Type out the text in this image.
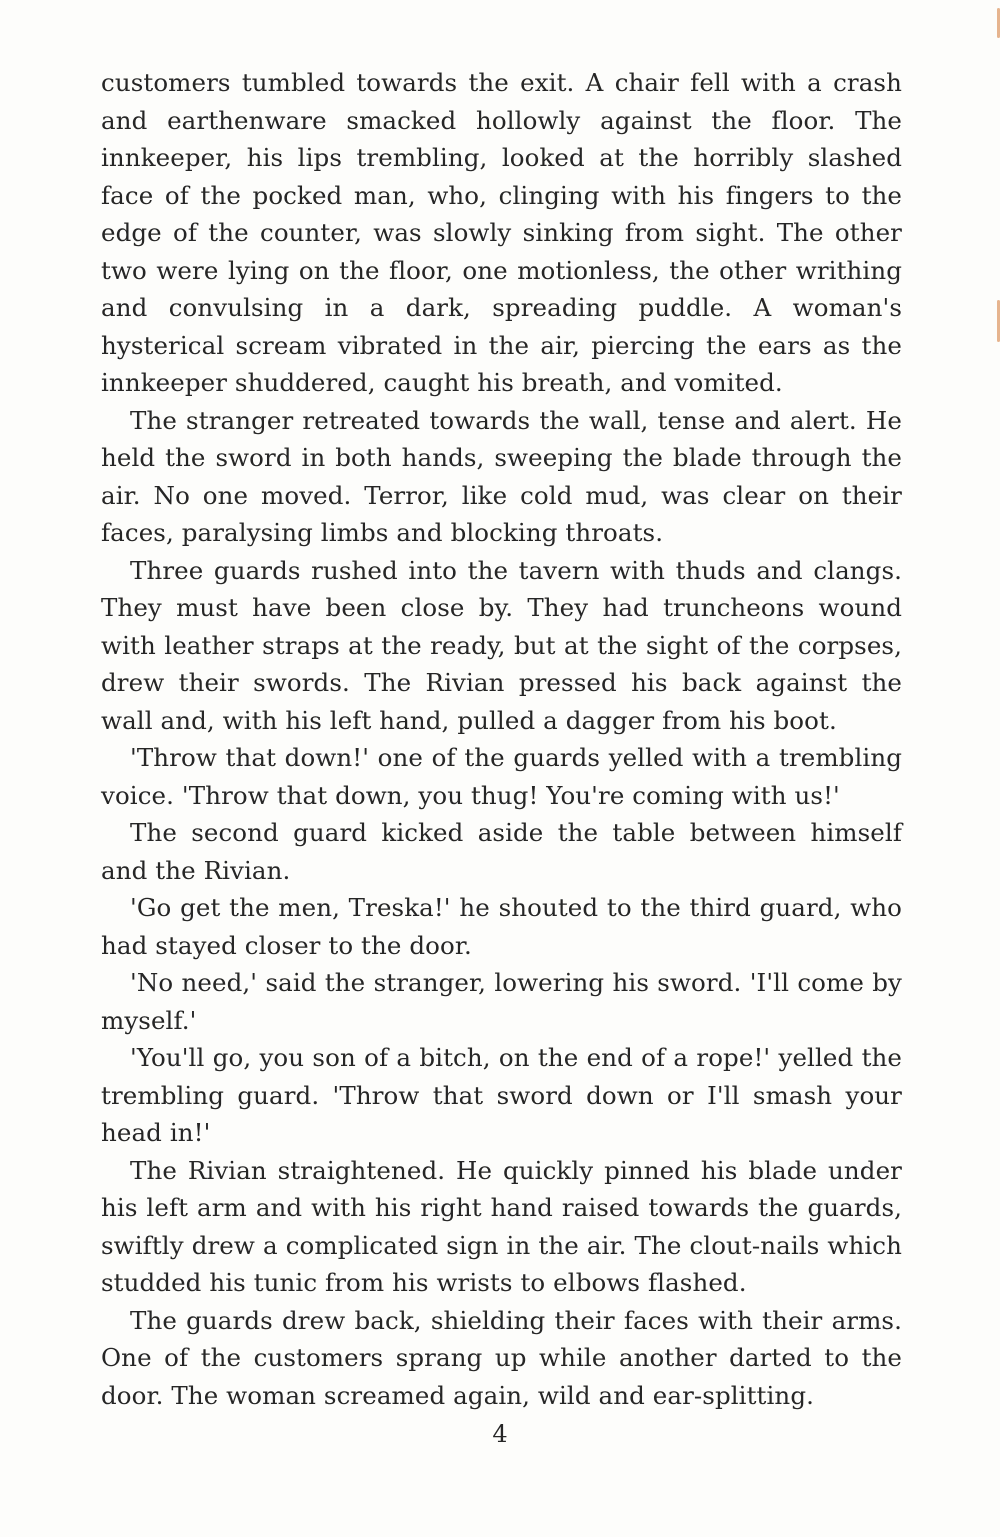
customers tumbled towards the exit. A chair fell with a crash and earthenware smacked hollowly against the floor. The innkeeper, his lips trembling, looked at the horribly slashed face of the pocked man, who, clinging with his fingers to the edge of the counter, was slowly sinking from sight. The other two were lying on the floor, one motionless, the other writhing and convulsing in a dark, spreading puddle. A woman's hysterical scream vibrated in the air, piercing the ears as the innkeeper shuddered, caught his breath, and vomited.

The stranger retreated towards the wall, tense and alert. He held the sword in both hands, sweeping the blade through the air. No one moved. Terror, like cold mud, was clear on their faces, paralysing limbs and blocking throats.

Three guards rushed into the tavern with thuds and clangs. They must have been close by. They had truncheons wound with leather straps at the ready, but at the sight of the corpses, drew their swords. The Rivian pressed his back against the wall and, with his left hand, pulled a dagger from his boot.

'Throw that down!' one of the guards yelled with a trembling voice. 'Throw that down, you thug! You're coming with us!'

The second guard kicked aside the table between himself and the Rivian.

'Go get the men, Treska!' he shouted to the third guard, who had stayed closer to the door.

'No need,' said the stranger, lowering his sword. 'I'll come by myself.'

'You'll go, you son of a bitch, on the end of a rope!' yelled the trembling guard. 'Throw that sword down or I'll smash your head in!'

The Rivian straightened. He quickly pinned his blade under his left arm and with his right hand raised towards the guards, swiftly drew a complicated sign in the air. The clout-nails which studded his tunic from his wrists to elbows flashed.

The guards drew back, shielding their faces with their arms. One of the customers sprang up while another darted to the door. The woman screamed again, wild and ear-splitting.

4
